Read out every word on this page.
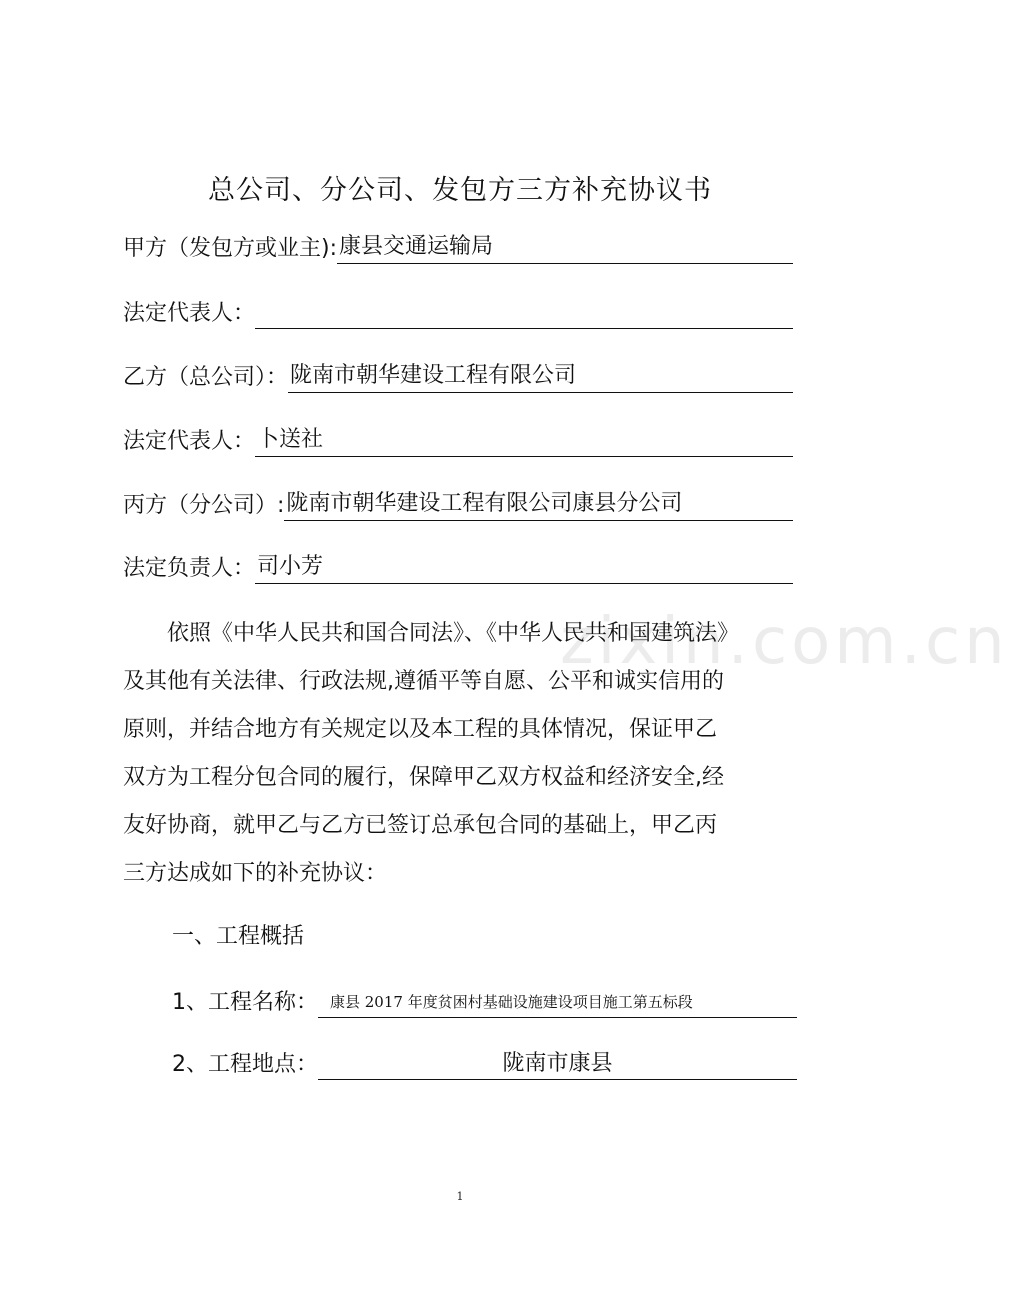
zixin.com.cn
总公司、分公司、发包方三方补充协议书
甲方（发包方或业主): 康县交通运输局
法定代表人：
乙方（总公司）： 陇南市朝华建设工程有限公司
法定代表人： 卜送社
丙方（分公司）: 陇南市朝华建设工程有限公司康县分公司
法定负责人： 司小芳
　　依照《中华人民共和国合同法》、《中华人民共和国建筑法》
及其他有关法律、行政法规,遵循平等自愿、公平和诚实信用的
原则，并结合地方有关规定以及本工程的具体情况，保证甲乙
双方为工程分包合同的履行，保障甲乙双方权益和经济安全,经
友好协商，就甲乙与乙方已签订总承包合同的基础上，甲乙丙
三方达成如下的补充协议：
一、工程概括
1、工程名称： 康县 2017 年度贫困村基础设施建设项目施工第五标段
2、工程地点：	陇南市康县
1
